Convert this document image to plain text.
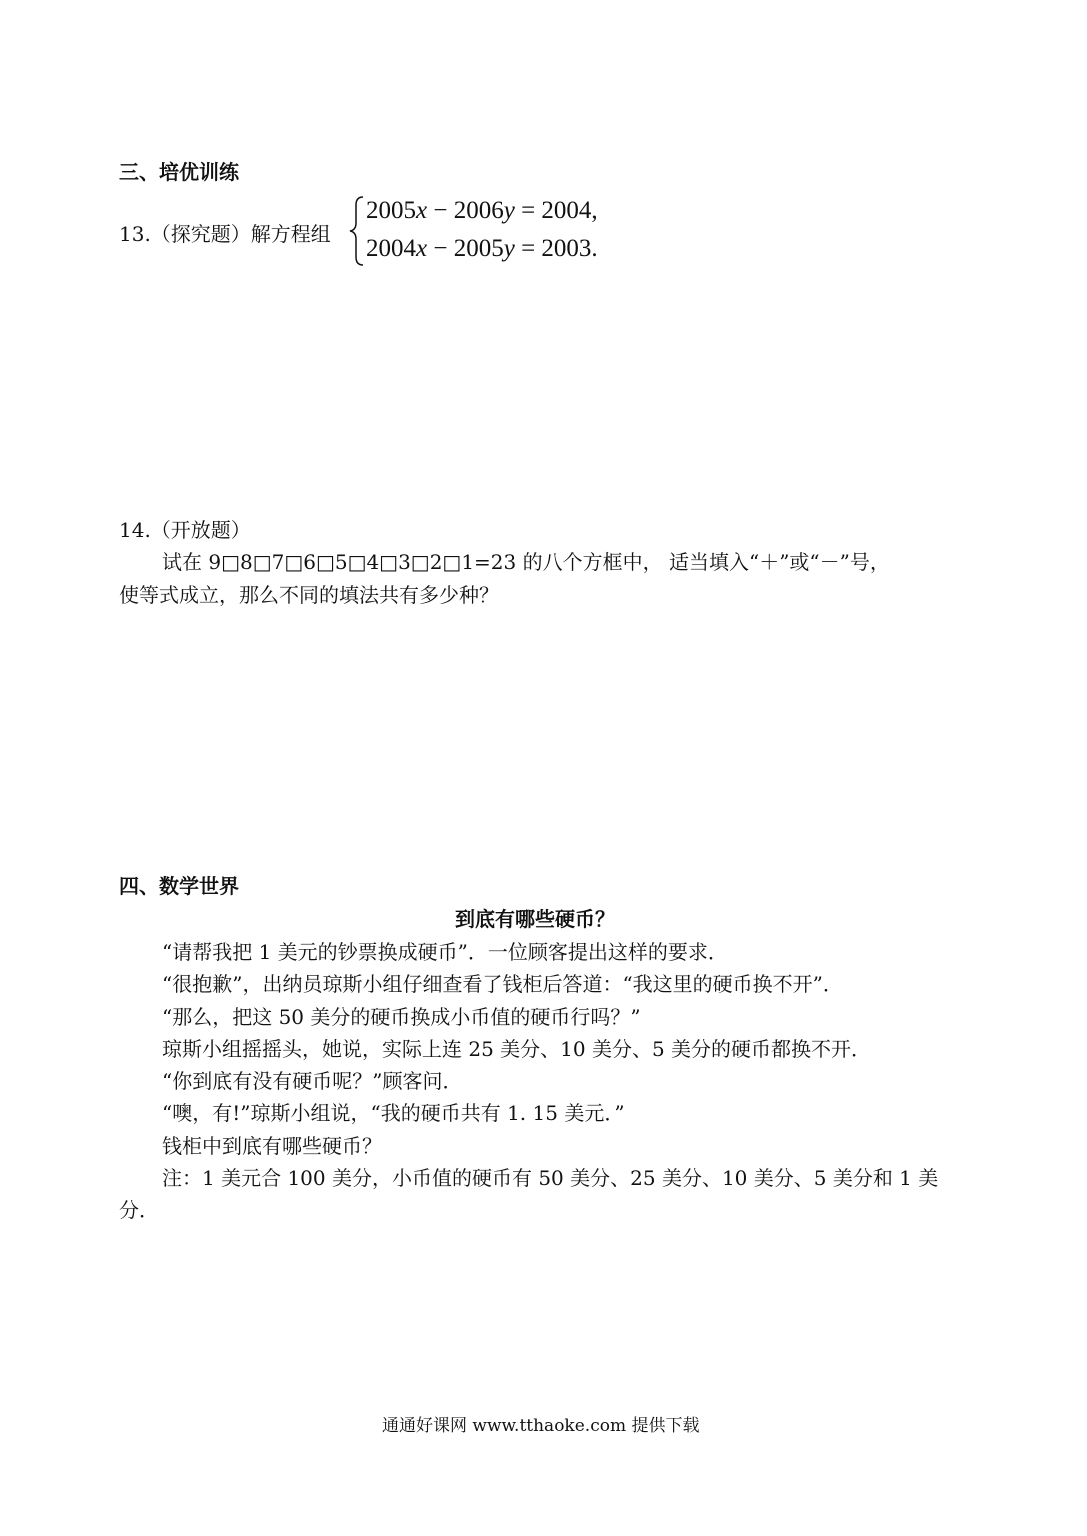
三、培优训练
13.（探究题）解方程组
2005x − 2006y = 2004,
2004x − 2005y = 2003.
14.（开放题）
试在 9□8□7□6□5□4□3□2□1=23 的八个方框中， 适当填入“＋”或“－”号，
使等式成立，那么不同的填法共有多少种？
四、数学世界
到底有哪些硬币？
“请帮我把 1 美元的钞票换成硬币”．一位顾客提出这样的要求．
“很抱歉”，出纳员琼斯小组仔细查看了钱柜后答道：“我这里的硬币换不开”．
“那么，把这 50 美分的硬币换成小币值的硬币行吗？”
琼斯小组摇摇头，她说，实际上连 25 美分、10 美分、5 美分的硬币都换不开．
“你到底有没有硬币呢？”顾客问．
“噢，有!”琼斯小组说，“我的硬币共有 1. 15 美元．”
钱柜中到底有哪些硬币？
注：1 美元合 100 美分，小币值的硬币有 50 美分、25 美分、10 美分、5 美分和 1 美
分．
通通好课网 www.tthaoke.com 提供下载
